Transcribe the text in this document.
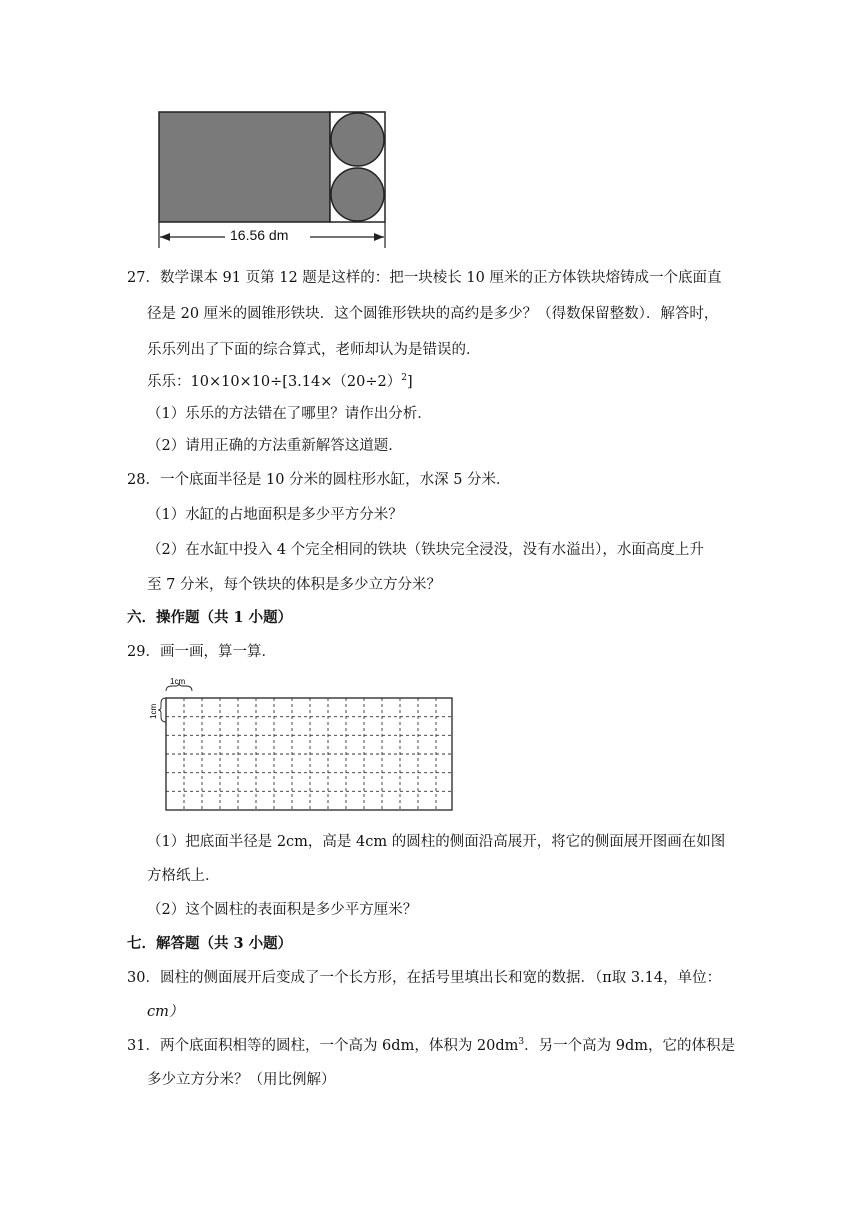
16.56 dm
27．数学课本 91 页第 12 题是这样的：把一块棱长 10 厘米的正方体铁块熔铸成一个底面直
径是 20 厘米的圆锥形铁块．这个圆锥形铁块的高约是多少？（得数保留整数）．解答时，
乐乐列出了下面的综合算式，老师却认为是错误的．
乐乐：$10\times 10\times 10\div[3.14\times(20\div 2)^2]$
（1）乐乐的方法错在了哪里？请作出分析．
（2）请用正确的方法重新解答这道题．
28．一个底面半径是 10 分米的圆柱形水缸，水深 5 分米．
（1）水缸的占地面积是多少平方分米？
（2）在水缸中投入 4 个完全相同的铁块（铁块完全浸没，没有水溢出），水面高度上升
至 7 分米，每个铁块的体积是多少立方分米？
六．操作题（共 1 小题）
29．画一画，算一算．
1cm
1cm
（1）把底面半径是 2cm，高是 4cm 的圆柱的侧面沿高展开，将它的侧面展开图画在如图
方格纸上．
（2）这个圆柱的表面积是多少平方厘米？
七．解答题（共 3 小题）
30．圆柱的侧面展开后变成了一个长方形，在括号里填出长和宽的数据．（π取 3.14，单位：
cm）
31．两个底面积相等的圆柱，一个高为 6dm，体积为 $20dm^3$．另一个高为 9dm，它的体积是
多少立方分米？（用比例解）
